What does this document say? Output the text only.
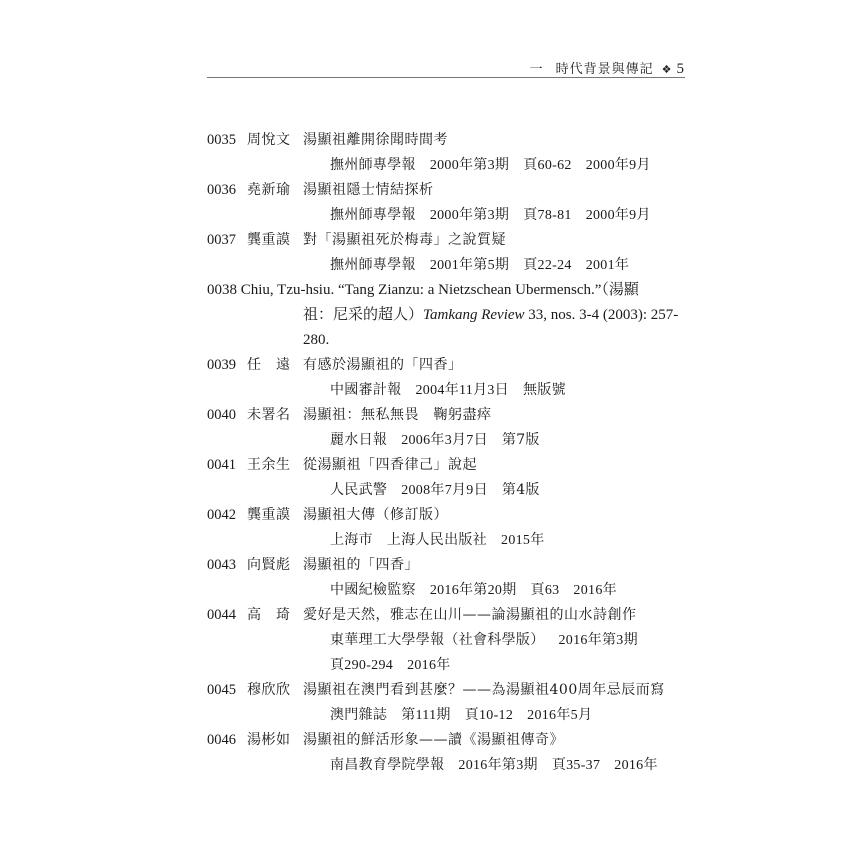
一 時代背景與傳記 ❖ 5
0035 周悅文 湯顯祖離開徐聞時間考
撫州師專學報 2000年第3期 頁60-62 2000年9月
0036 堯新瑜 湯顯祖隱士情結探析
撫州師專學報 2000年第3期 頁78-81 2000年9月
0037 龔重謨 對「湯顯祖死於梅毒」之說質疑
撫州師專學報 2001年第5期 頁22-24 2001年
0038 Chiu, Tzu-hsiu. “Tang Zianzu: a Nietzschean Ubermensch.”（湯顯
祖：尼采的超人）Tamkang Review 33, nos. 3-4 (2003): 257-
280.
0039 任　遠 有感於湯顯祖的「四香」
中國審計報 2004年11月3日 無版號
0040 未署名 湯顯祖：無私無畏　鞠躬盡瘁
麗水日報 2006年3月7日 第7版
0041 王余生 從湯顯祖「四香律己」說起
人民武警 2008年7月9日 第4版
0042 龔重謨 湯顯祖大傳（修訂版）
上海市 上海人民出版社 2015年
0043 向賢彪 湯顯祖的「四香」
中國紀檢監察 2016年第20期 頁63 2016年
0044 高　琦 愛好是天然，雅志在山川——論湯顯祖的山水詩創作
東華理工大學學報（社會科學版） 2016年第3期
頁290-294 2016年
0045 穆欣欣 湯顯祖在澳門看到甚麼？——為湯顯祖400周年忌辰而寫
澳門雜誌 第111期 頁10-12 2016年5月
0046 湯彬如 湯顯祖的鮮活形象——讀《湯顯祖傳奇》
南昌教育學院學報 2016年第3期 頁35-37 2016年
